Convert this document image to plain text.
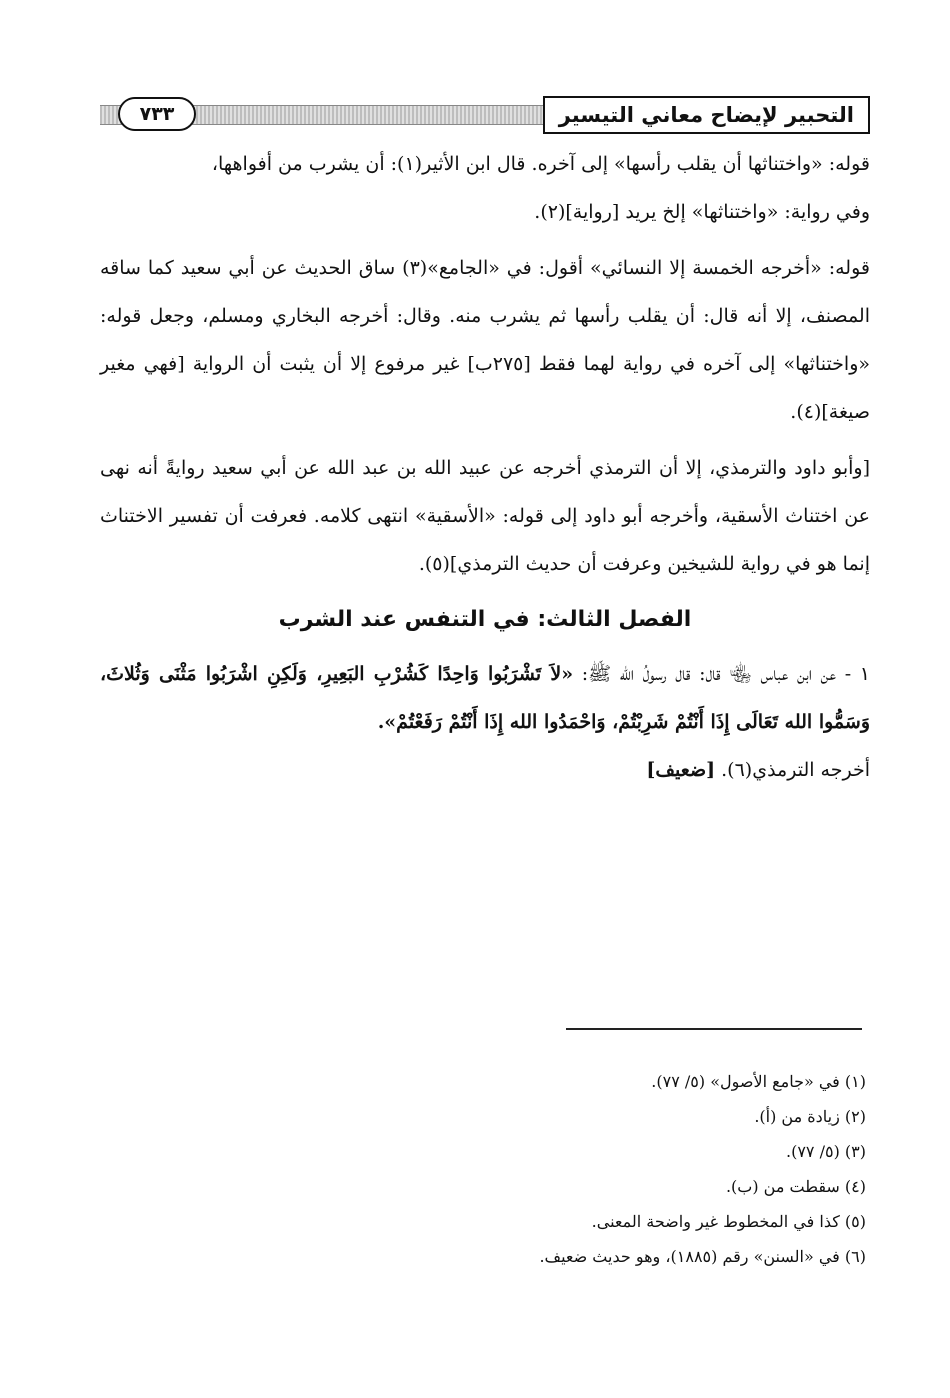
التحبير لإيضاح معاني التيسير
٧٣٣

قوله: «واختناثها أن يقلب رأسها» إلى آخره. قال ابن الأثير(١): أن يشرب من أفواهها،
وفي رواية: «واختناثها» إلخ يريد [رواية](٢).

قوله: «أخرجه الخمسة إلا النسائي» أقول: في «الجامع»(٣) ساق الحديث عن أبي سعيد كما ساقه المصنف، إلا أنه قال: أن يقلب رأسها ثم يشرب منه. وقال: أخرجه البخاري ومسلم، وجعل قوله: «واختناثها» إلى آخره في رواية لهما فقط [٢٧٥ب] غير مرفوع إلا أن يثبت أن الرواية [فهي مغير صيغة](٤).

[وأبو داود والترمذي، إلا أن الترمذي أخرجه عن عبيد الله بن عبد الله عن أبي سعيد روايةً أنه نهى عن اختناث الأسقية، وأخرجه أبو داود إلى قوله: «الأسقية» انتهى كلامه. فعرفت أن تفسير الاختناث إنما هو في رواية للشيخين وعرفت أن حديث الترمذي](٥).

الفصل الثالث: في التنفس عند الشرب

١ - عن ابن عباس ﵄ قال: قال رسولُ الله ﷺ: «لاَ تَشْرَبُوا وَاحِدًا كَشُرْبِ البَعِيرِ، وَلَكِنِ اشْرَبُوا مَثْنَى وَثُلاثَ، وَسَمُّوا الله تَعَالَى إِذَا أَنْتُمْ شَرِبْتُمْ، وَاحْمَدُوا الله إِذَا أَنْتُمْ رَفَعْتُمْ».
أخرجه الترمذي(٦). [ضعيف]

(١) في «جامع الأصول» (٥/ ٧٧).

(٢) زيادة من (أ).

(٣) (٥/ ٧٧).

(٤) سقطت من (ب).

(٥) كذا في المخطوط غير واضحة المعنى.

(٦) في «السنن» رقم (١٨٨٥)، وهو حديث ضعيف.
